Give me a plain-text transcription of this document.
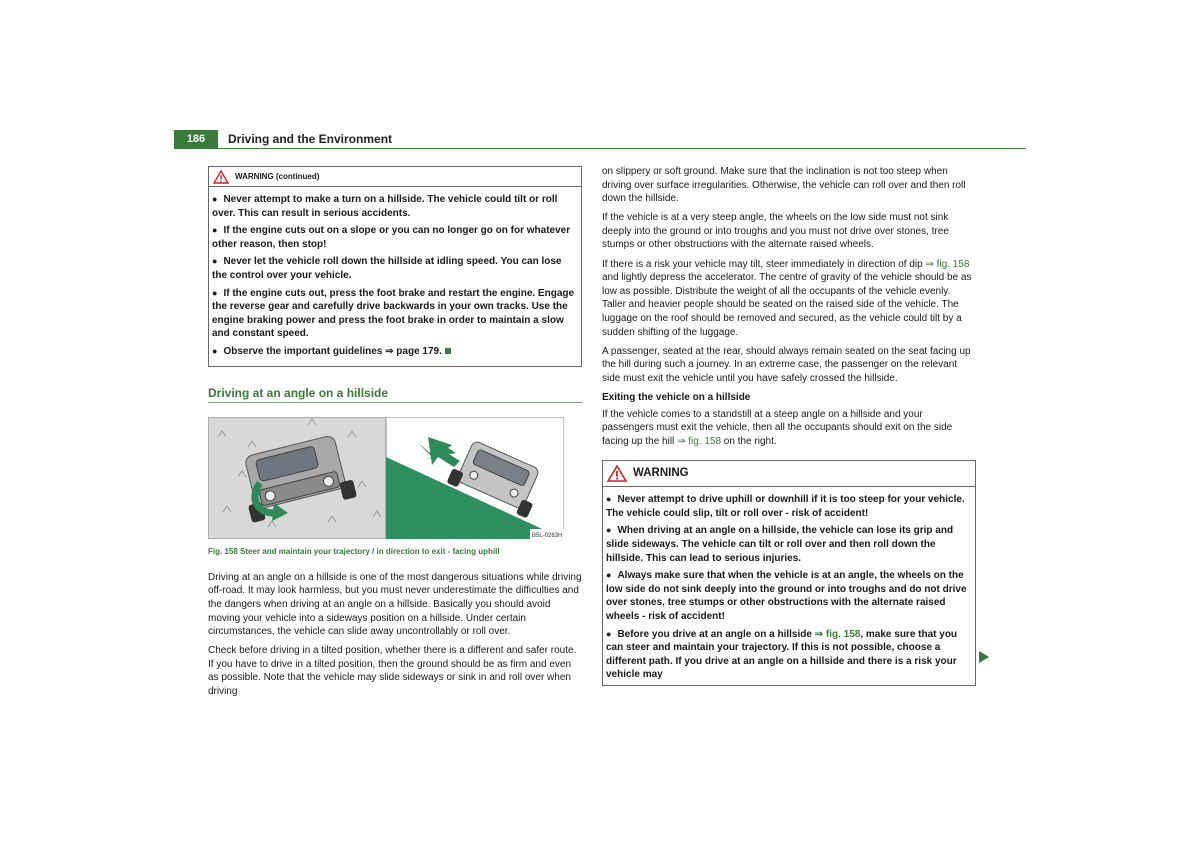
186	Driving and the Environment
WARNING (continued)

● Never attempt to make a turn on a hillside. The vehicle could tilt or roll over. This can result in serious accidents.

● If the engine cuts out on a slope or you can no longer go on for whatever other reason, then stop!

● Never let the vehicle roll down the hillside at idling speed. You can lose the control over your vehicle.

● If the engine cuts out, press the foot brake and restart the engine. Engage the reverse gear and carefully drive backwards in your own tracks. Use the engine braking power and press the foot brake in order to maintain a slow and constant speed.

● Observe the important guidelines ⇒ page 179.

Driving at an angle on a hillside
B5L-0263H
Fig. 158 Steer and maintain your trajectory / in direction to exit - facing uphill

Driving at an angle on a hillside is one of the most dangerous situations while driving off-road. It may look harmless, but you must never underestimate the difficulties and the dangers when driving at an angle on a hillside. Basically you should avoid moving your vehicle into a sideways position on a hillside. Under certain circumstances, the vehicle can slide away uncontrollably or roll over.

Check before driving in a tilted position, whether there is a different and safer route. If you have to drive in a tilted position, then the ground should be as firm and even as possible. Note that the vehicle may slide sideways or sink in and roll over when driving

on slippery or soft ground. Make sure that the inclination is not too steep when driving over surface irregularities. Otherwise, the vehicle can roll over and then roll down the hillside.

If the vehicle is at a very steep angle, the wheels on the low side must not sink deeply into the ground or into troughs and you must not drive over stones, tree stumps or other obstructions with the alternate raised wheels.

If there is a risk your vehicle may tilt, steer immediately in direction of dip ⇒ fig. 158 and lightly depress the accelerator. The centre of gravity of the vehicle should be as low as possible. Distribute the weight of all the occupants of the vehicle evenly. Taller and heavier people should be seated on the raised side of the vehicle. The luggage on the roof should be removed and secured, as the vehicle could tilt by a sudden shifting of the luggage.

A passenger, seated at the rear, should always remain seated on the seat facing up the hill during such a journey. In an extreme case, the passenger on the relevant side must exit the vehicle until you have safely crossed the hillside.

Exiting the vehicle on a hillside

If the vehicle comes to a standstill at a steep angle on a hillside and your passengers must exit the vehicle, then all the occupants should exit on the side facing up the hill ⇒ fig. 158 on the right.

WARNING

● Never attempt to drive uphill or downhill if it is too steep for your vehicle. The vehicle could slip, tilt or roll over - risk of accident!

● When driving at an angle on a hillside, the vehicle can lose its grip and slide sideways. The vehicle can tilt or roll over and then roll down the hillside. This can lead to serious injuries.

● Always make sure that when the vehicle is at an angle, the wheels on the low side do not sink deeply into the ground or into troughs and do not drive over stones, tree stumps or other obstructions with the alternate raised wheels - risk of accident!

● Before you drive at an angle on a hillside ⇒ fig. 158, make sure that you can steer and maintain your trajectory. If this is not possible, choose a different path. If you drive at an angle on a hillside and there is a risk your vehicle may
